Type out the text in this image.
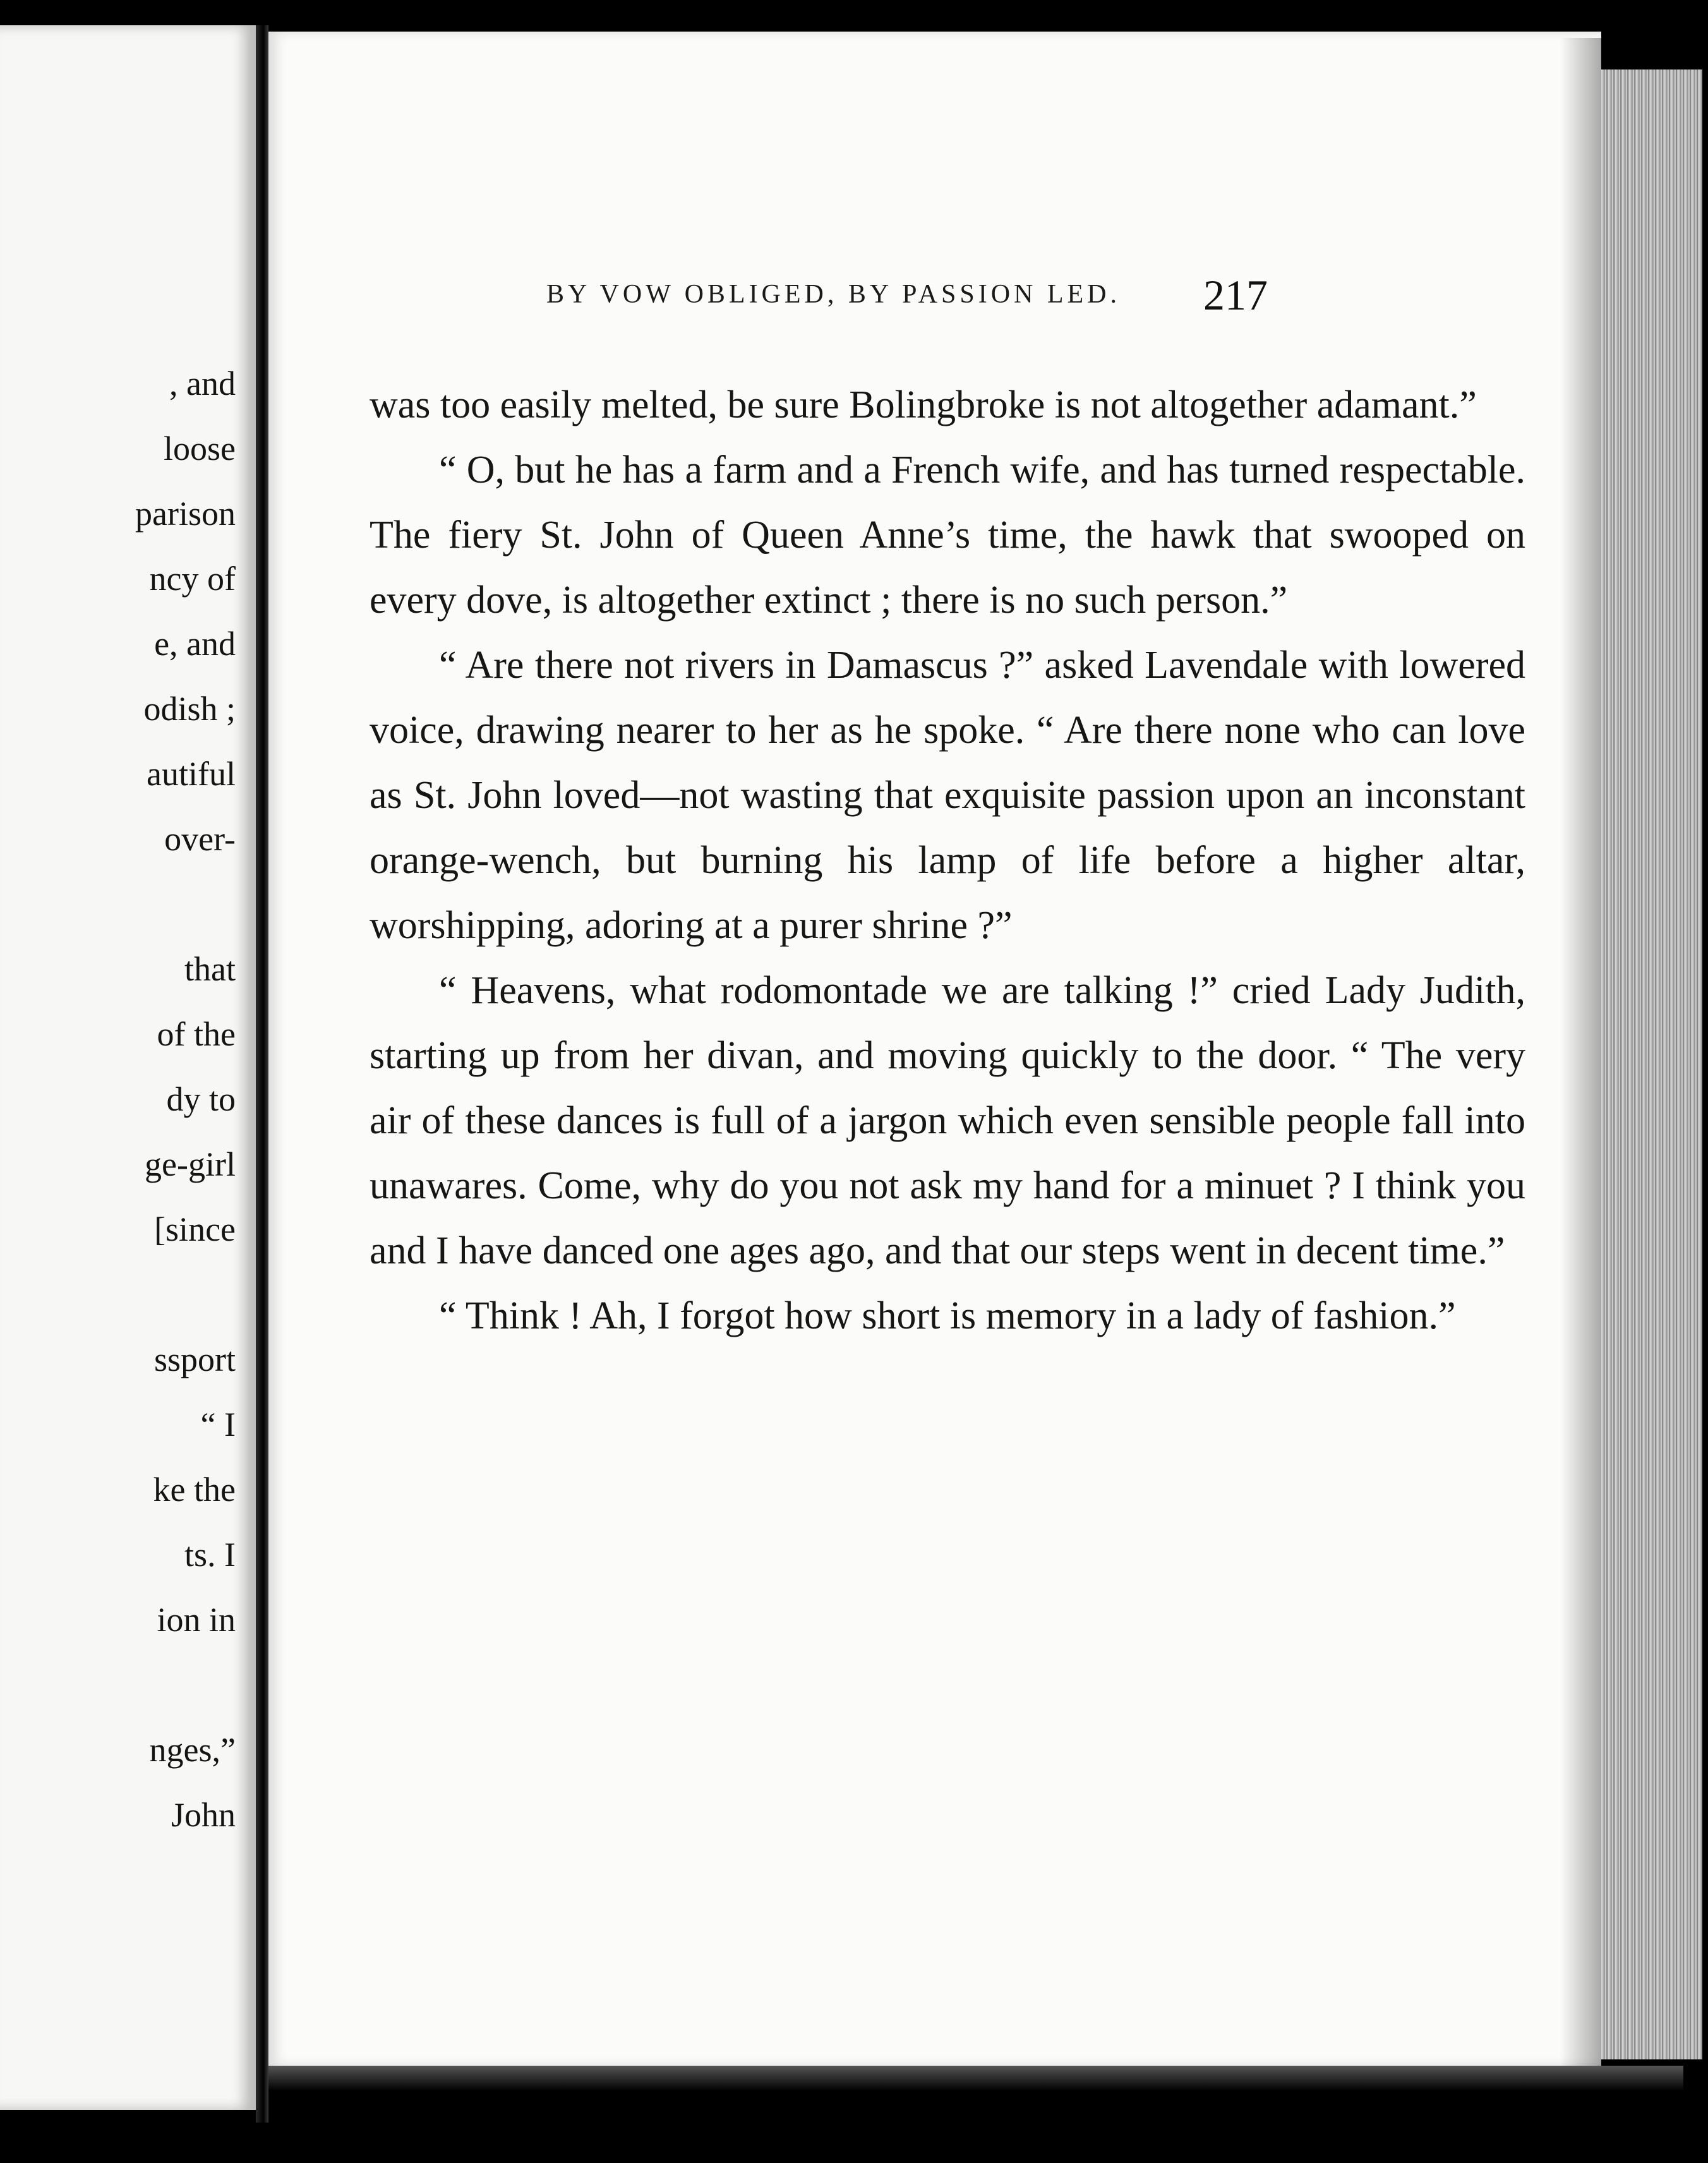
, and
loose
parison
ncy of
e, and
odish ;
autiful
over-
that
of the
dy to
ge-girl
[since
ssport
“ I
ke the
ts. I
ion in
nges,”
John
BY VOW OBLIGED, BY PASSION LED.	217

was too easily melted, be sure Bolingbroke is not altogether adamant.”

“ O, but he has a farm and a French wife, and has turned respectable. The fiery St. John of Queen Anne’s time, the hawk that swooped on every dove, is altogether extinct ; there is no such person.”

“ Are there not rivers in Damascus ?” asked Lavendale with lowered voice, drawing nearer to her as he spoke. “ Are there none who can love as St. John loved—not wasting that exquisite passion upon an inconstant orange-wench, but burning his lamp of life before a higher altar, worshipping, adoring at a purer shrine ?”

“ Heavens, what rodomontade we are talking !” cried Lady Judith, starting up from her divan, and moving quickly to the door. “ The very air of these dances is full of a jargon which even sensible people fall into unawares. Come, why do you not ask my hand for a minuet ? I think you and I have danced one ages ago, and that our steps went in decent time.”

“ Think ! Ah, I forgot how short is memory in a lady of fashion.”
